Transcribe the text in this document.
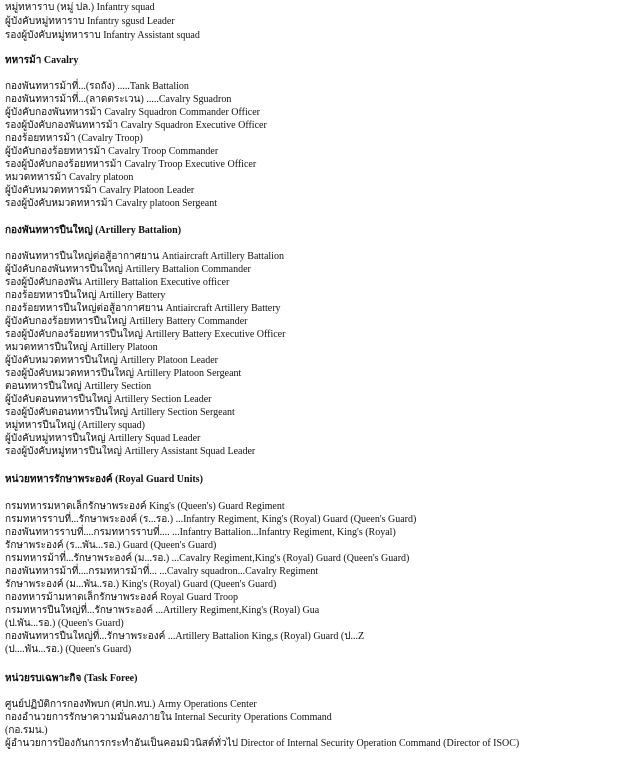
หมู่ทหาราบ (หมู่ ปล.) Infantry squad

ผู้บังคับหมู่ทหาราบ Infantry sgusd Leader

รองผู้บังคับหมู่ทหาราบ Infantry Assistant squad

ทหารม้า Cavalry

กองพันทหารม้าที่...(รถถัง) .....Tank Battalion

กองพันทหารม้าที่...(ลาดตระเวน) .....Cavalry Sguadron

ผู้บังคับกองพันทหารม้า Cavalry Squadron Commander Officer

รองผู้บังคับกองพันทหารม้า Cavalry Squadron Executive Officer

กองร้อยทหารม้า (Cavalry Troop)

ผู้บังคับกองร้อยทหารม้า Cavalry Troop Commander

รองผู้บังคับกองร้อยทหารม้า Cavalry Troop Executive Officer

หมวดทหารม้า Cavalry platoon

ผู้บังคับหมวดทหารม้า Cavalry Platoon Leader

รองผู้บังคับหมวดทหารม้า Cavalry platoon Sergeant

กองพันทหารปืนใหญ่ (Artillery Battalion)

กองพันทหารปืนใหญ่ต่อสู้อากาศยาน Antiaircraft Artillery Battalion

ผู้บังคับกองพันทหารปืนใหญ่ Artillery Battalion Commander

รองผู้บังคับกองพัน Artillery Battalion Executive officer

กองร้อยทหารปืนใหญ่ Artillery Battery

กองร้อยทหารปืนใหญ่ต่อสู้อากาศยาน Antiaircraft Artillery Battery

ผู้บังคับกองร้อยทหารปืนใหญ่ Artillery Battery Commander

รองผู้บังคับกองร้อยทหารปืนใหญ่ Artillery Battery Executive Officer

หมวดทหารปืนใหญ่ Artillery Platoon

ผู้บังคับหมวดทหารปืนใหญ่ Artillery Platoon Leader

รองผู้บังคับหมวดทหารปืนใหญ่ Artillery Platoon Sergeant

ตอนทหารปืนใหญ่ Artillery Section

ผู้บังคับตอนทหารปืนใหญ่ Artillery Section Leader

รองผู้บังคับตอนทหารปืนใหญ่ Artillery Section Sergeant

หมู่ทหารปืนใหญ่ (Artillery squad)

ผู้บังคับหมู่ทหารปืนใหญ่ Artillery Squad Leader

รองผู้บังคับหมู่ทหารปืนใหญ่ Artillery Assistant Squad Leader

หน่วยทหารรักษาพระองค์ (Royal Guard Units)

กรมทหารมหาดเล็กรักษาพระองค์ King's (Queen's) Guard Regiment

กรมทหารราบที่...รักษาพระองค์ (ร...รอ.) ...Infantry Regiment, King's (Royal) Guard (Queen's Guard)

กองพันทหารราบที่....กรมทหารราบที่.... ...Infantry Battalion...Infantry Regiment, King's (Royal)

รักษาพระองค์ (ร...พัน...รอ.) Guard (Queen's Guard)

กรมทหารม้าที่...รักษาพระองค์ (ม...รอ.) ...Cavalry Regiment,King's (Royal) Guard (Queen's Guard)

กองพันทหารม้าที่....กรมทหารม้าที่... ...Cavalry squadron...Cavalry Regiment

รักษาพระองค์ (ม...พัน..รอ.) King's (Royal) Guard (Queen's Guard)

กองทหารม้ามหาดเล็กรักษาพระองค์ Royal Guard Troop

กรมทหารปืนใหญ่ที่...รักษาพระองค์ ...Artillery Regiment,King's (Royal) Gua

(ป.พัน...รอ.) (Queen's Guard)

กองพันทหารปืนใหญ่ที่...รักษาพระองค์ ...Artillery Battalion King,s (Royal) Guard (ป...Z

(ป....พัน...รอ.) (Queen's Guard)

หน่วยรบเฉพาะกิจ (Task Foree)

ศูนย์ปฏิบัติการกองทัพบก (ศปก.ทบ.) Army Operations Center

กองอำนวยการรักษาความมั่นคงภายใน Internal Security Operations Command

(กอ.รมน.)

ผู้อำนวยการป้องกันการกระทำอันเป็นคอมมิวนิสต์ทั่วไป Director of Internal Security Operation Command (Director of ISOC)
